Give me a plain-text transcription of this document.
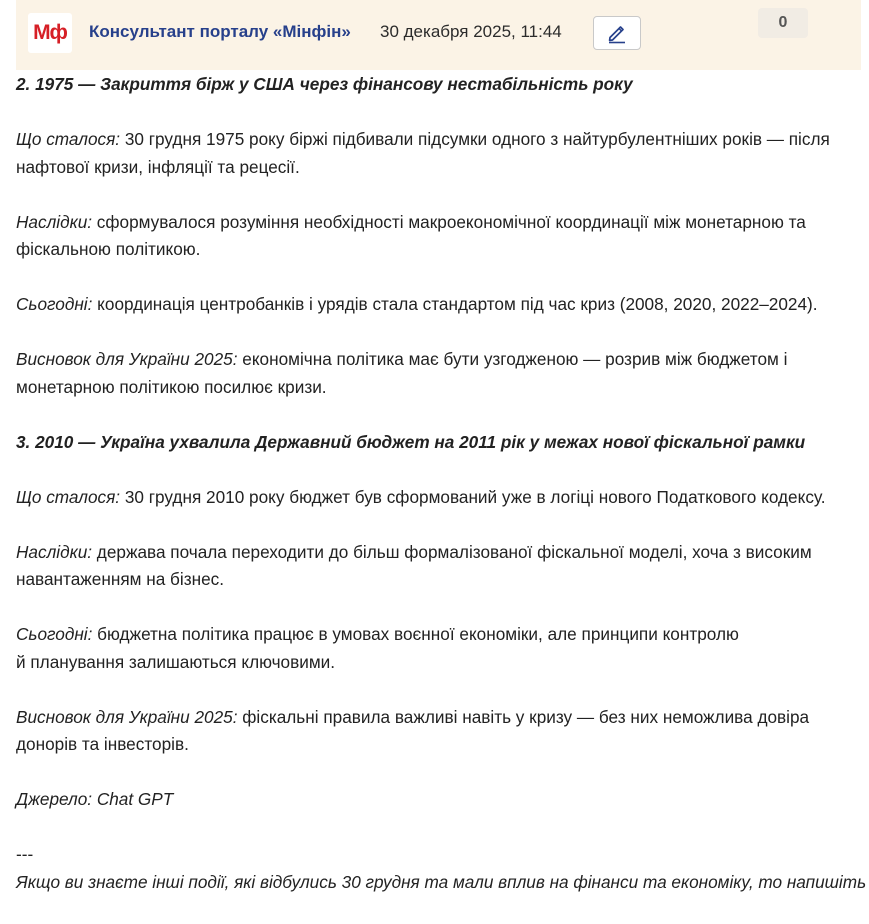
Мф Консультант порталу «Мінфін» 30 декабря 2025, 11:44	0

2. 1975 — Закриття бірж у США через фінансову нестабільність року

Що сталося: 30 грудня 1975 року біржі підбивали підсумки одного з найтурбулентніших років — після нафтової кризи, інфляції та рецесії.

Наслідки: сформувалося розуміння необхідності макроекономічної координації між монетарною та фіскальною політикою.

Сьогодні: координація центробанків і урядів стала стандартом під час криз (2008, 2020, 2022–2024).

Висновок для України 2025: економічна політика має бути узгодженою — розрив між бюджетом і монетарною політикою посилює кризи.

3. 2010 — Україна ухвалила Державний бюджет на 2011 рік у межах нової фіскальної рамки

Що сталося: 30 грудня 2010 року бюджет був сформований уже в логіці нового Податкового кодексу.

Наслідки: держава почала переходити до більш формалізованої фіскальної моделі, хоча з високим навантаженням на бізнес.

Сьогодні: бюджетна політика працює в умовах воєнної економіки, але принципи контролю
й планування залишаються ключовими.

Висновок для України 2025: фіскальні правила важливі навіть у кризу — без них неможлива довіра донорів та інвесторів.

Джерело: Chat GPT

---

Якщо ви знаєте інші події, які відбулись 30 грудня та мали вплив на фінанси та економіку, то напишіть
